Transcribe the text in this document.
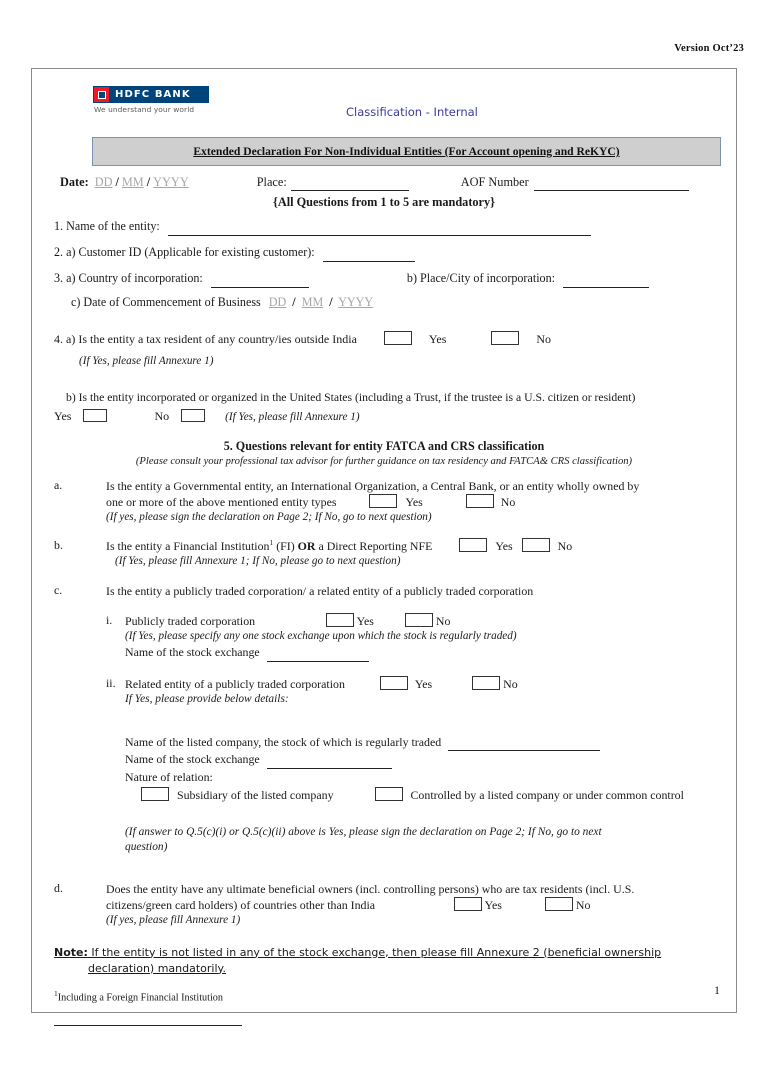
Version Oct’23
HDFC BANK
We understand your world	Classification - Internal
Extended Declaration For Non-Individual Entities (For Account opening and ReKYC)
Date: DD / MM / YYYY	Place:
	AOF Number

{All Questions from 1 to 5 are mandatory}
1. Name of the entity:
2. a) Customer ID (Applicable for existing customer):
3. a) Country of incorporation:	b) Place/City of incorporation:
c) Date of Commencement of Business DD / MM / YYYY
4. a) Is the entity a tax resident of any country/ies outside India	Yes	No
(If Yes, please fill Annexure 1)
b) Is the entity incorporated or organized in the United States (including a Trust, if the trustee is a U.S. citizen or resident)
Yes	No	(If Yes, please fill Annexure 1)
5. Questions relevant for entity FATCA and CRS classification
(Please consult your professional tax advisor for further guidance on tax residency and FATCA& CRS classification)
a.	Is the entity a Governmental entity, an International Organization, a Central Bank, or an entity wholly owned by
one or more of the above mentioned entity types	Yes	No
(If yes, please sign the declaration on Page 2; If No, go to next question)
b.	Is the entity a Financial Institution$^1$ (FI) OR a Direct Reporting NFE	Yes	No
(If Yes, please fill Annexure 1; If No, please go to next question)
c.	Is the entity a publicly traded corporation/ a related entity of a publicly traded corporation
i.	Publicly traded corporation	Yes	No
(If Yes, please specify any one stock exchange upon which the stock is regularly traded)
Name of the stock exchange
ii. Related entity of a publicly traded corporation	Yes	No
If Yes, please provide below details:
Name of the listed company, the stock of which is regularly traded
Name of the stock exchange
Nature of relation:
Subsidiary of the listed company	Controlled by a listed company or under common control
(If answer to Q.5(c)(i) or Q.5(c)(ii) above is Yes, please sign the declaration on Page 2; If No, go to next
question)
d.	Does the entity have any ultimate beneficial owners (incl. controlling persons) who are tax residents (incl. U.S.
citizens/green card holders) of countries other than India	Yes	No
(If yes, please fill Annexure 1)
Note: If the entity is not listed in any of the stock exchange, then please fill Annexure 2 (beneficial ownership
declaration) mandatorily.
$^1$Including a Foreign Financial Institution
1
